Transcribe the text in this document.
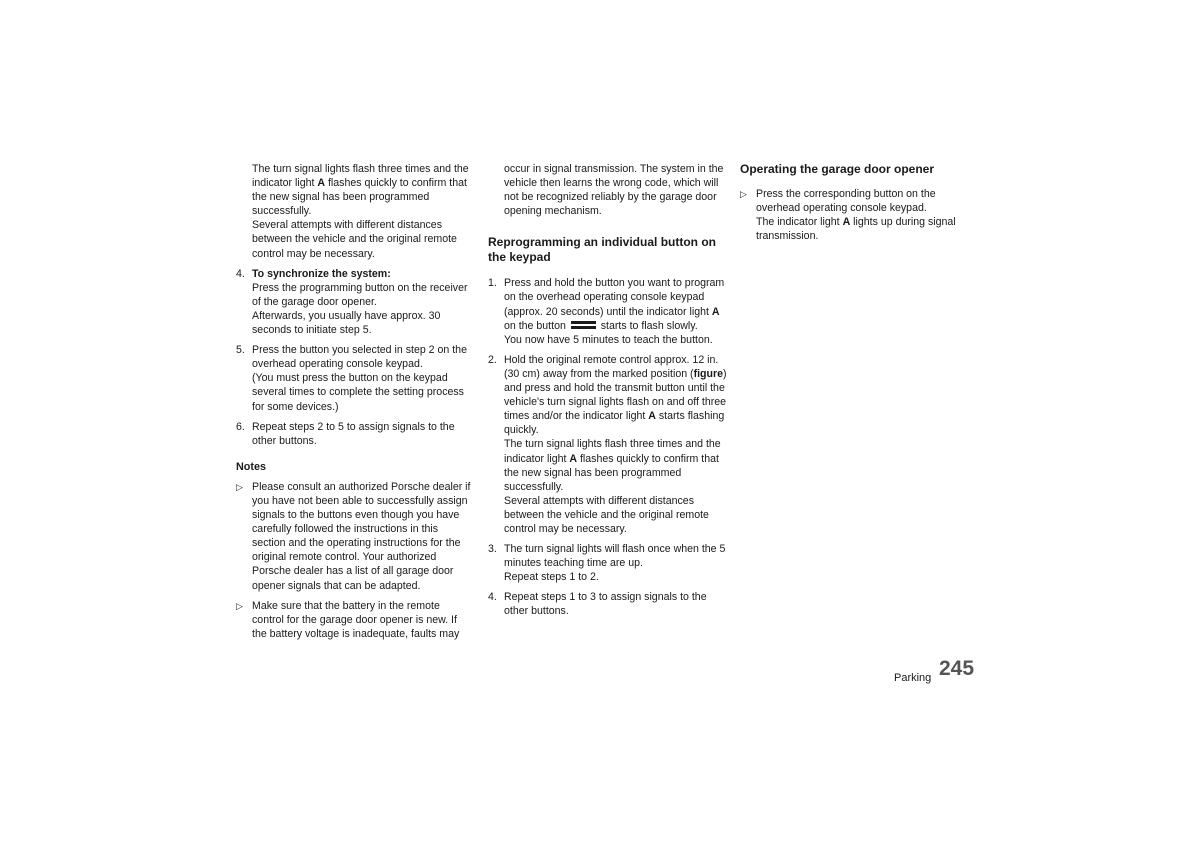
The turn signal lights flash three times and the indicator light A flashes quickly to confirm that the new signal has been programmed successfully.

Several attempts with different distances between the vehicle and the original remote control may be necessary.

4. To synchronize the system:

Press the programming button on the receiver of the garage door opener.

Afterwards, you usually have approx. 30 seconds to initiate step 5.

5. Press the button you selected in step 2 on the overhead operating console keypad.

(You must press the button on the keypad several times to complete the setting process for some devices.)

6. Repeat steps 2 to 5 to assign signals to the other buttons.

Notes

▷ Please consult an authorized Porsche dealer if you have not been able to successfully assign signals to the buttons even though you have carefully followed the instructions in this section and the operating instructions for the original remote control. Your authorized Porsche dealer has a list of all garage door opener signals that can be adapted.

▷ Make sure that the battery in the remote control for the garage door opener is new. If the battery voltage is inadequate, faults may

occur in signal transmission. The system in the vehicle then learns the wrong code, which will not be recognized reliably by the garage door opening mechanism.

Reprogramming an individual button on the keypad

1. Press and hold the button you want to program on the overhead operating console keypad (approx. 20 seconds) until the indicator light A on the button	starts to flash slowly.

You now have 5 minutes to teach the button.

2. Hold the original remote control approx. 12 in. (30 cm) away from the marked position (figure) and press and hold the transmit button until the vehicle's turn signal lights flash on and off three times and/or the indicator light A starts flashing quickly.

The turn signal lights flash three times and the indicator light A flashes quickly to confirm that the new signal has been programmed successfully.

Several attempts with different distances between the vehicle and the original remote control may be necessary.

3. The turn signal lights will flash once when the 5 minutes teaching time are up.

Repeat steps 1 to 2.

4. Repeat steps 1 to 3 to assign signals to the other buttons.

Operating the garage door opener

▷ Press the corresponding button on the overhead operating console keypad.

The indicator light A lights up during signal transmission.

Parking 245
